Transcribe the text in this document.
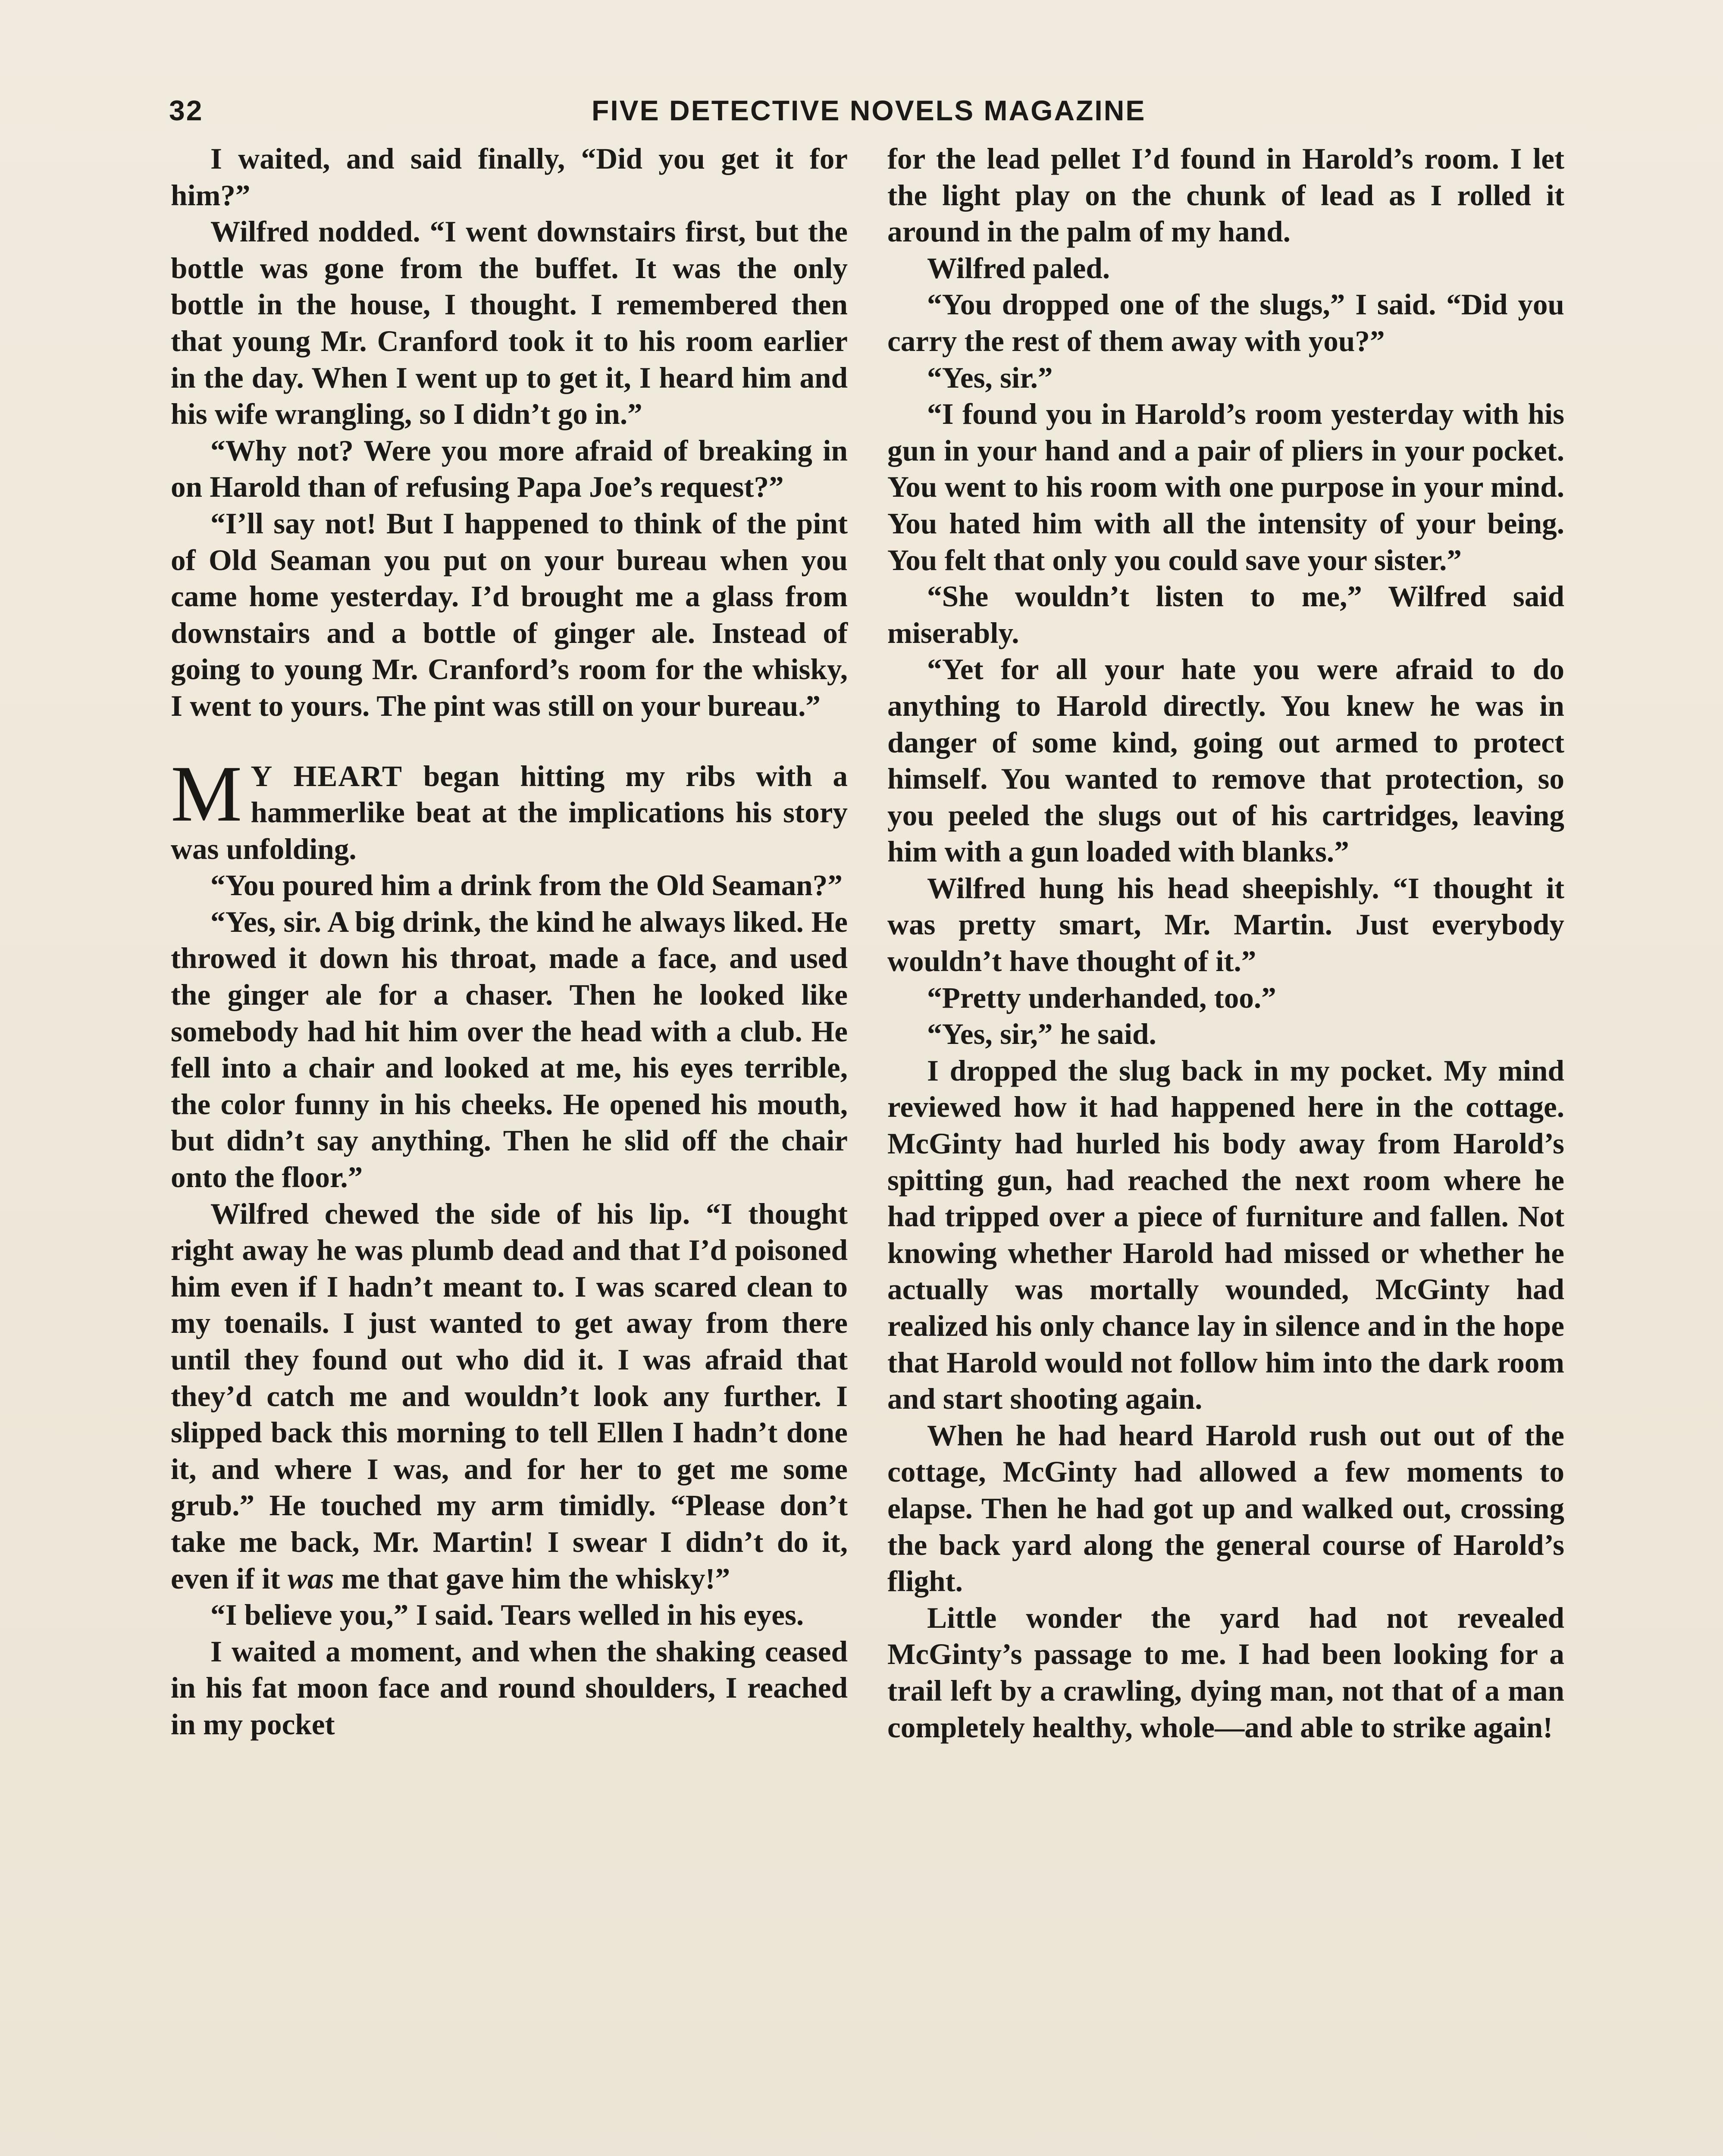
32	FIVE DETECTIVE NOVELS MAGAZINE

I waited, and said finally, “Did you get it for him?”

Wilfred nodded. “I went downstairs first, but the bottle was gone from the buffet. It was the only bottle in the house, I thought. I remembered then that young Mr. Cranford took it to his room earlier in the day. When I went up to get it, I heard him and his wife wrangling, so I didn’t go in.”

“Why not? Were you more afraid of breaking in on Harold than of refusing Papa Joe’s request?”

“I’ll say not! But I happened to think of the pint of Old Seaman you put on your bureau when you came home yesterday. I’d brought me a glass from downstairs and a bottle of ginger ale. Instead of going to young Mr. Cranford’s room for the whisky, I went to yours. The pint was still on your bureau.”

M Y HEART began hitting my ribs with a hammerlike beat at the implications his story was unfolding.

“You poured him a drink from the Old Seaman?”

“Yes, sir. A big drink, the kind he always liked. He throwed it down his throat, made a face, and used the ginger ale for a chaser. Then he looked like somebody had hit him over the head with a club. He fell into a chair and looked at me, his eyes terrible, the color funny in his cheeks. He opened his mouth, but didn’t say anything. Then he slid off the chair onto the floor.”

Wilfred chewed the side of his lip. “I thought right away he was plumb dead and that I’d poisoned him even if I hadn’t meant to. I was scared clean to my toenails. I just wanted to get away from there until they found out who did it. I was afraid that they’d catch me and wouldn’t look any further. I slipped back this morning to tell Ellen I hadn’t done it, and where I was, and for her to get me some grub.” He touched my arm timidly. “Please don’t take me back, Mr. Martin! I swear I didn’t do it, even if it was me that gave him the whisky!”

“I believe you,” I said. Tears welled in his eyes.

I waited a moment, and when the shaking ceased in his fat moon face and round shoulders, I reached in my pocket

for the lead pellet I’d found in Harold’s room. I let the light play on the chunk of lead as I rolled it around in the palm of my hand.

Wilfred paled.

“You dropped one of the slugs,” I said. “Did you carry the rest of them away with you?”

“Yes, sir.”

“I found you in Harold’s room yesterday with his gun in your hand and a pair of pliers in your pocket. You went to his room with one purpose in your mind. You hated him with all the intensity of your being. You felt that only you could save your sister.”

“She wouldn’t listen to me,” Wilfred said miserably.

“Yet for all your hate you were afraid to do anything to Harold directly. You knew he was in danger of some kind, going out armed to protect himself. You wanted to remove that protection, so you peeled the slugs out of his cartridges, leaving him with a gun loaded with blanks.”

Wilfred hung his head sheepishly. “I thought it was pretty smart, Mr. Martin. Just everybody wouldn’t have thought of it.”

“Pretty underhanded, too.”

“Yes, sir,” he said.

I dropped the slug back in my pocket. My mind reviewed how it had happened here in the cottage. McGinty had hurled his body away from Harold’s spitting gun, had reached the next room where he had tripped over a piece of furniture and fallen. Not knowing whether Harold had missed or whether he actually was mortally wounded, McGinty had realized his only chance lay in silence and in the hope that Harold would not follow him into the dark room and start shooting again.

When he had heard Harold rush out out of the cottage, McGinty had allowed a few moments to elapse. Then he had got up and walked out, crossing the back yard along the general course of Harold’s flight.

Little wonder the yard had not revealed McGinty’s passage to me. I had been looking for a trail left by a crawling, dying man, not that of a man completely healthy, whole—and able to strike again!
